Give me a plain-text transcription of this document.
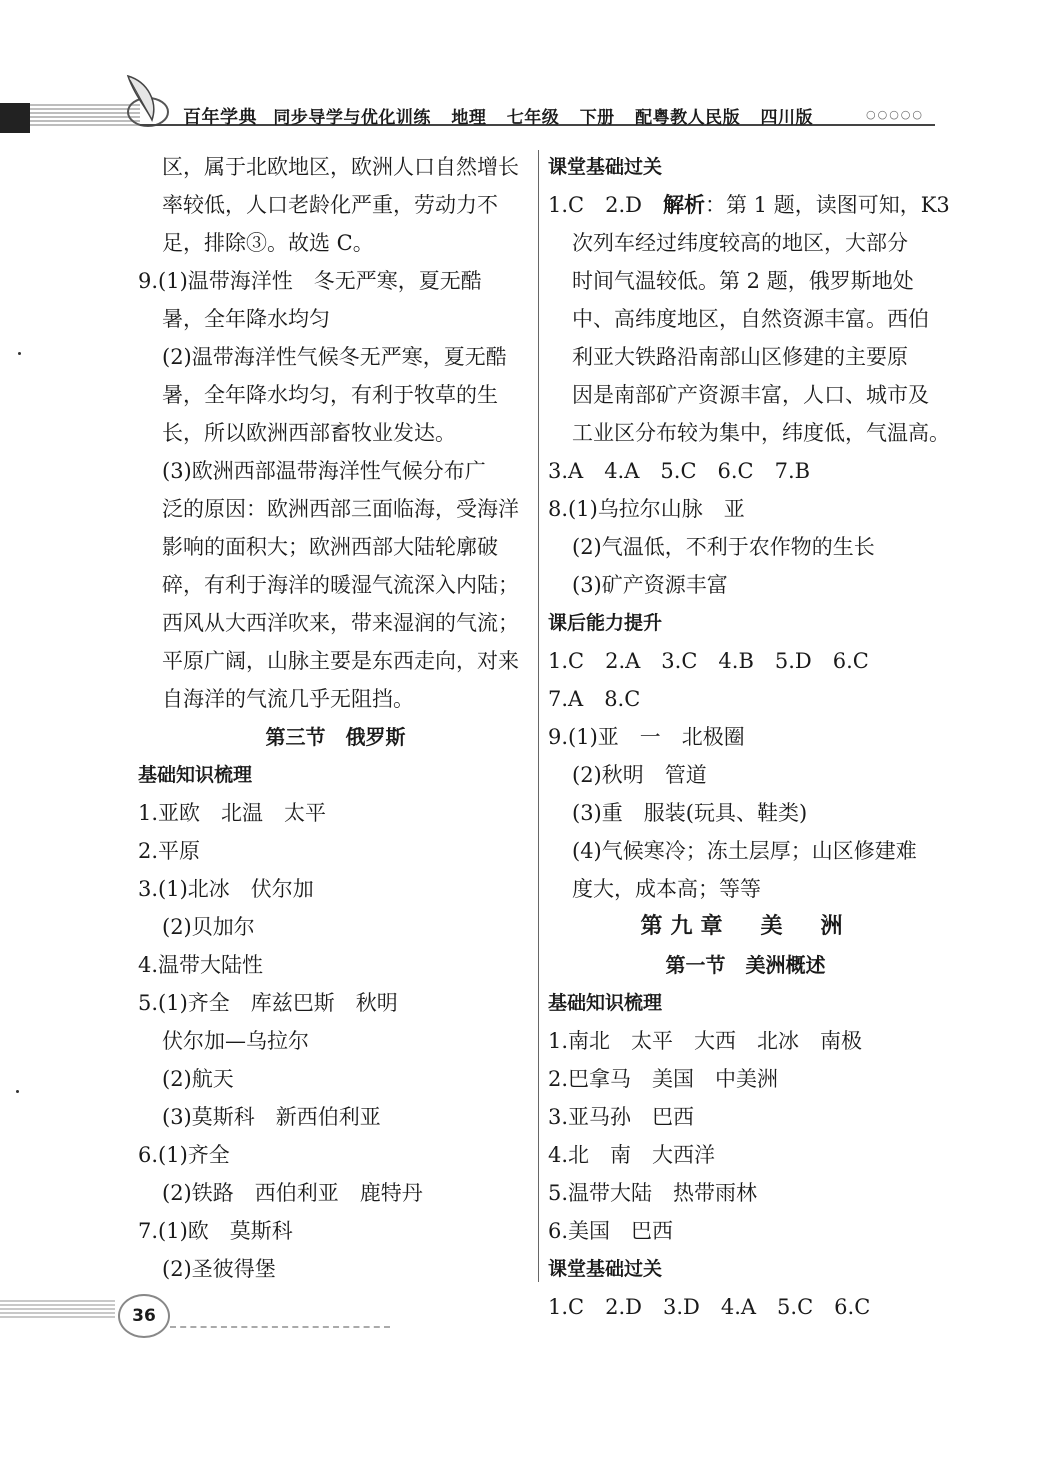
百年学典 同步导学与优化训练 地理 七年级 下册 配粤教人民版 四川版	○○○○○
区，属于北欧地区，欧洲人口自然增长
率较低，人口老龄化严重，劳动力不
足，排除③。故选 C。
9.(1)温带海洋性　冬无严寒，夏无酷
暑，全年降水均匀
(2)温带海洋性气候冬无严寒，夏无酷
暑，全年降水均匀，有利于牧草的生
长，所以欧洲西部畜牧业发达。
(3)欧洲西部温带海洋性气候分布广
泛的原因：欧洲西部三面临海，受海洋
影响的面积大；欧洲西部大陆轮廓破
碎，有利于海洋的暖湿气流深入内陆；
西风从大西洋吹来，带来湿润的气流；
平原广阔，山脉主要是东西走向，对来
自海洋的气流几乎无阻挡。
第三节　俄罗斯
基础知识梳理
1.亚欧　北温　太平
2.平原
3.(1)北冰　伏尔加
(2)贝加尔
4.温带大陆性
5.(1)齐全　库兹巴斯　秋明
伏尔加—乌拉尔
(2)航天
(3)莫斯科　新西伯利亚
6.(1)齐全
(2)铁路　西伯利亚　鹿特丹
7.(1)欧　莫斯科
(2)圣彼得堡
课堂基础过关
1.C　2.D　解析：第 1 题，读图可知，K3
次列车经过纬度较高的地区，大部分
时间气温较低。第 2 题，俄罗斯地处
中、高纬度地区，自然资源丰富。西伯
利亚大铁路沿南部山区修建的主要原
因是南部矿产资源丰富，人口、城市及
工业区分布较为集中，纬度低，气温高。
3.A　4.A　5.C　6.C　7.B
8.(1)乌拉尔山脉　亚
(2)气温低，不利于农作物的生长
(3)矿产资源丰富
课后能力提升
1.C　2.A　3.C　4.B　5.D　6.C
7.A　8.C
9.(1)亚　一　北极圈
(2)秋明　管道
(3)重　服装(玩具、鞋类)
(4)气候寒冷；冻土层厚；山区修建难
度大，成本高；等等
第九章　美　洲
第一节　美洲概述
基础知识梳理
1.南北　太平　大西　北冰　南极
2.巴拿马　美国　中美洲
3.亚马孙　巴西
4.北　南　大西洋
5.温带大陆　热带雨林
6.美国　巴西
课堂基础过关
1.C　2.D　3.D　4.A　5.C　6.C
36
